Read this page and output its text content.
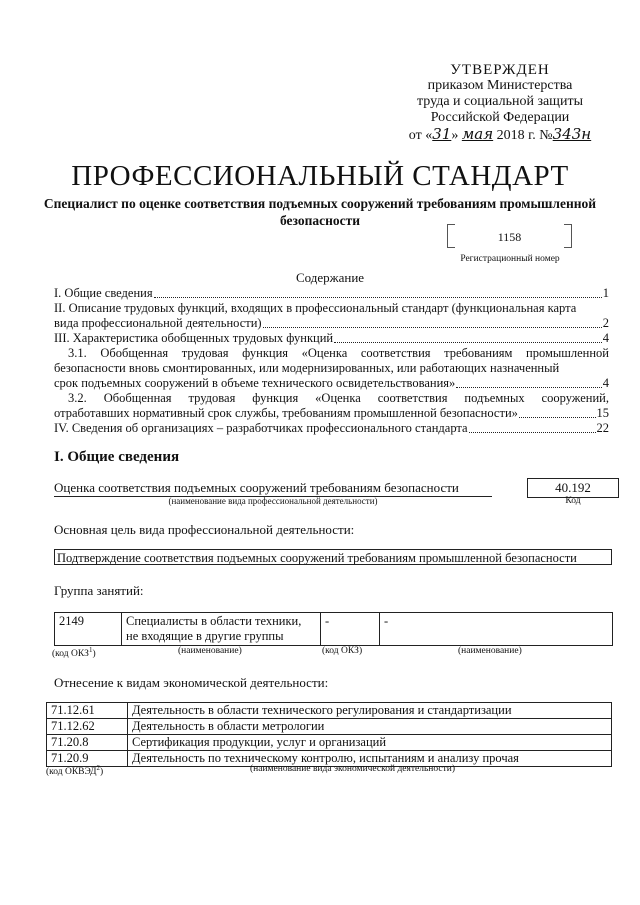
УТВЕРЖДЕН
приказом Министерства
труда и социальной защиты
Российской Федерации
от «31» мая 2018 г. №343н
ПРОФЕССИОНАЛЬНЫЙ СТАНДАРТ
Специалист по оценке соответствия подъемных сооружений требованиям промышленной безопасности
1158
Регистрационный номер
Содержание
I. Общие сведения	1
II. Описание трудовых функций, входящих в профессиональный стандарт (функциональная карта
вида профессиональной деятельности)	2
III. Характеристика обобщенных трудовых функций	4
3.1. Обобщенная трудовая функция «Оценка соответствия требованиям промышленной безопасности вновь смонтированных, или модернизированных, или работающих назначенный
срок подъемных сооружений в объеме технического освидетельствования»	4
3.2. Обобщенная трудовая функция «Оценка соответствия подъемных сооружений,
отработавших нормативный срок службы, требованиям промышленной безопасности»	15
IV. Сведения об организациях – разработчиках профессионального стандарта	22
I. Общие сведения
Оценка соответствия подъемных сооружений требованиям безопасности
(наименование вида профессиональной деятельности)
40.192
Код
Основная цель вида профессиональной деятельности:
Подтверждение соответствия подъемных сооружений требованиям промышленной безопасности
Группа занятий:
2149	Специалисты в области техники, не входящие в другие группы	-	-
(код ОКЗ$^1$)	(наименование)	(код ОКЗ)	(наименование)
Отнесение к видам экономической деятельности:
71.12.61	Деятельность в области технического регулирования и стандартизации
71.12.62	Деятельность в области метрологии
71.20.8	Сертификация продукции, услуг и организаций
71.20.9	Деятельность по техническому контролю, испытаниям и анализу прочая
(код ОКВЭД$^2$)	(наименование вида экономической деятельности)
